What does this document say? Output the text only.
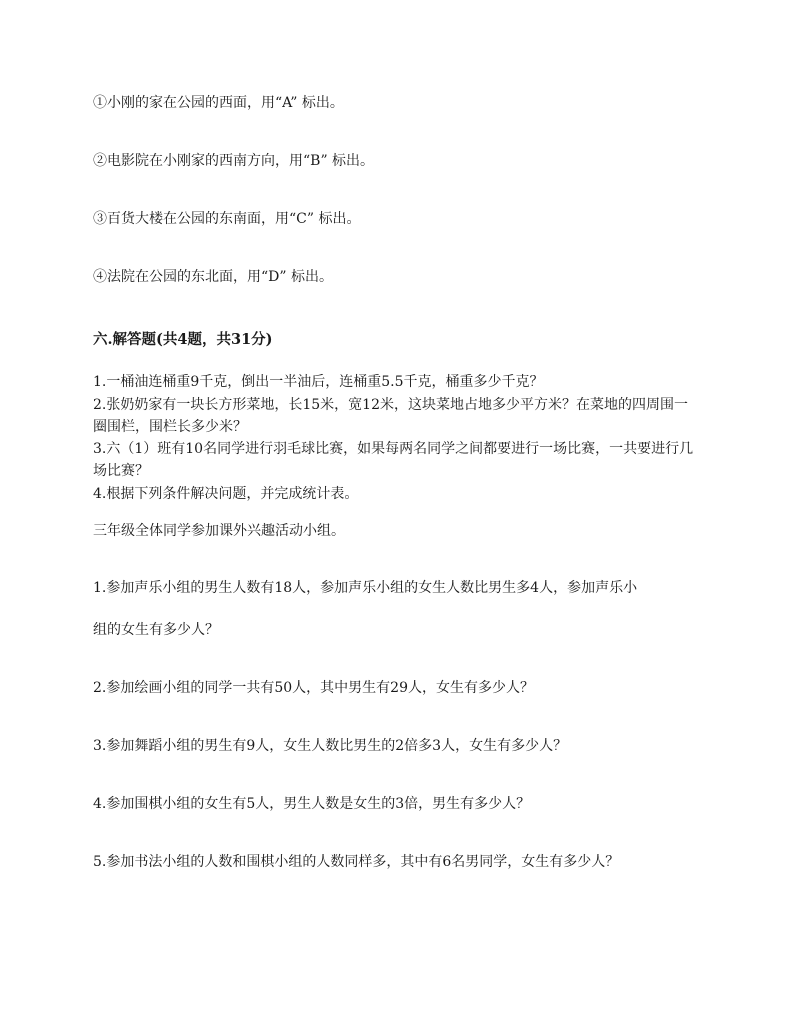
①小刚的家在公园的西面，用“A” 标出。
②电影院在小刚家的西南方向，用“B” 标出。
③百货大楼在公园的东南面，用“C” 标出。
④法院在公园的东北面，用“D” 标出。
六.解答题(共4题，共31分)
1.一桶油连桶重9千克，倒出一半油后，连桶重5.5千克，桶重多少千克？
2.张奶奶家有一块长方形菜地，长15米，宽12米，这块菜地占地多少平方米？在菜地的四周围一圈围栏，围栏长多少米？
3.六（1）班有10名同学进行羽毛球比赛，如果每两名同学之间都要进行一场比赛，一共要进行几场比赛？
4.根据下列条件解决问题，并完成统计表。
三年级全体同学参加课外兴趣活动小组。
1.参加声乐小组的男生人数有18人，参加声乐小组的女生人数比男生多4人，参加声乐小
组的女生有多少人？
2.参加绘画小组的同学一共有50人，其中男生有29人，女生有多少人？
3.参加舞蹈小组的男生有9人，女生人数比男生的2倍多3人，女生有多少人？
4.参加围棋小组的女生有5人，男生人数是女生的3倍，男生有多少人？
5.参加书法小组的人数和围棋小组的人数同样多，其中有6名男同学，女生有多少人？
